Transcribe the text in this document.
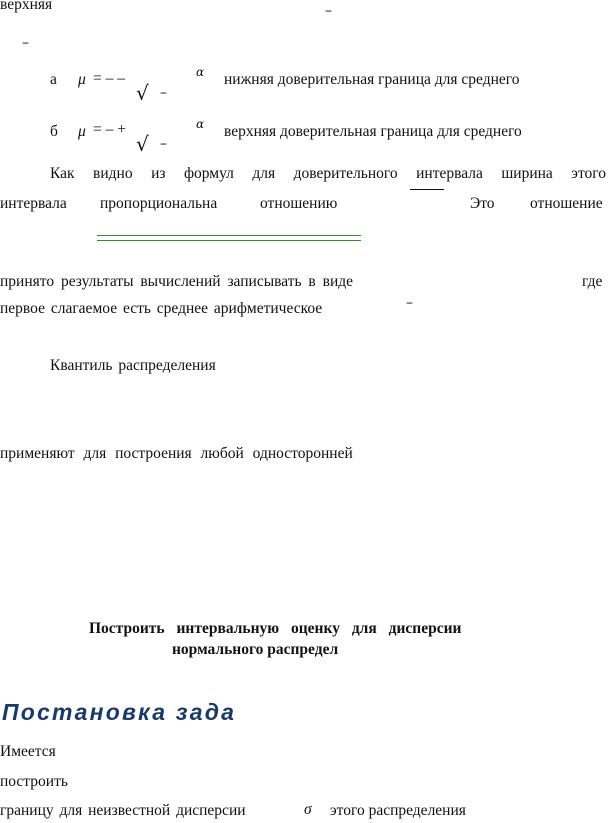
верхняя	–
–
а μ = – –
√ –
α нижняя доверительная граница для среднего
б μ = – +
√ –
α верхняя доверительная граница для среднего
Как видно из формул для доверительного интервала ширина этого
интервала пропорциональна	отношению	Это отношение
принято результаты вычислений записывать в виде	где
первое слагаемое есть среднее арифметическое	–
Квантиль распределения
применяют для построения любой односторонней
Построить интервальную оценку для дисперсии
нормального распредел
Постановка зада
Имеется
построить
границу для неизвестной дисперсии	σ этого распределения
